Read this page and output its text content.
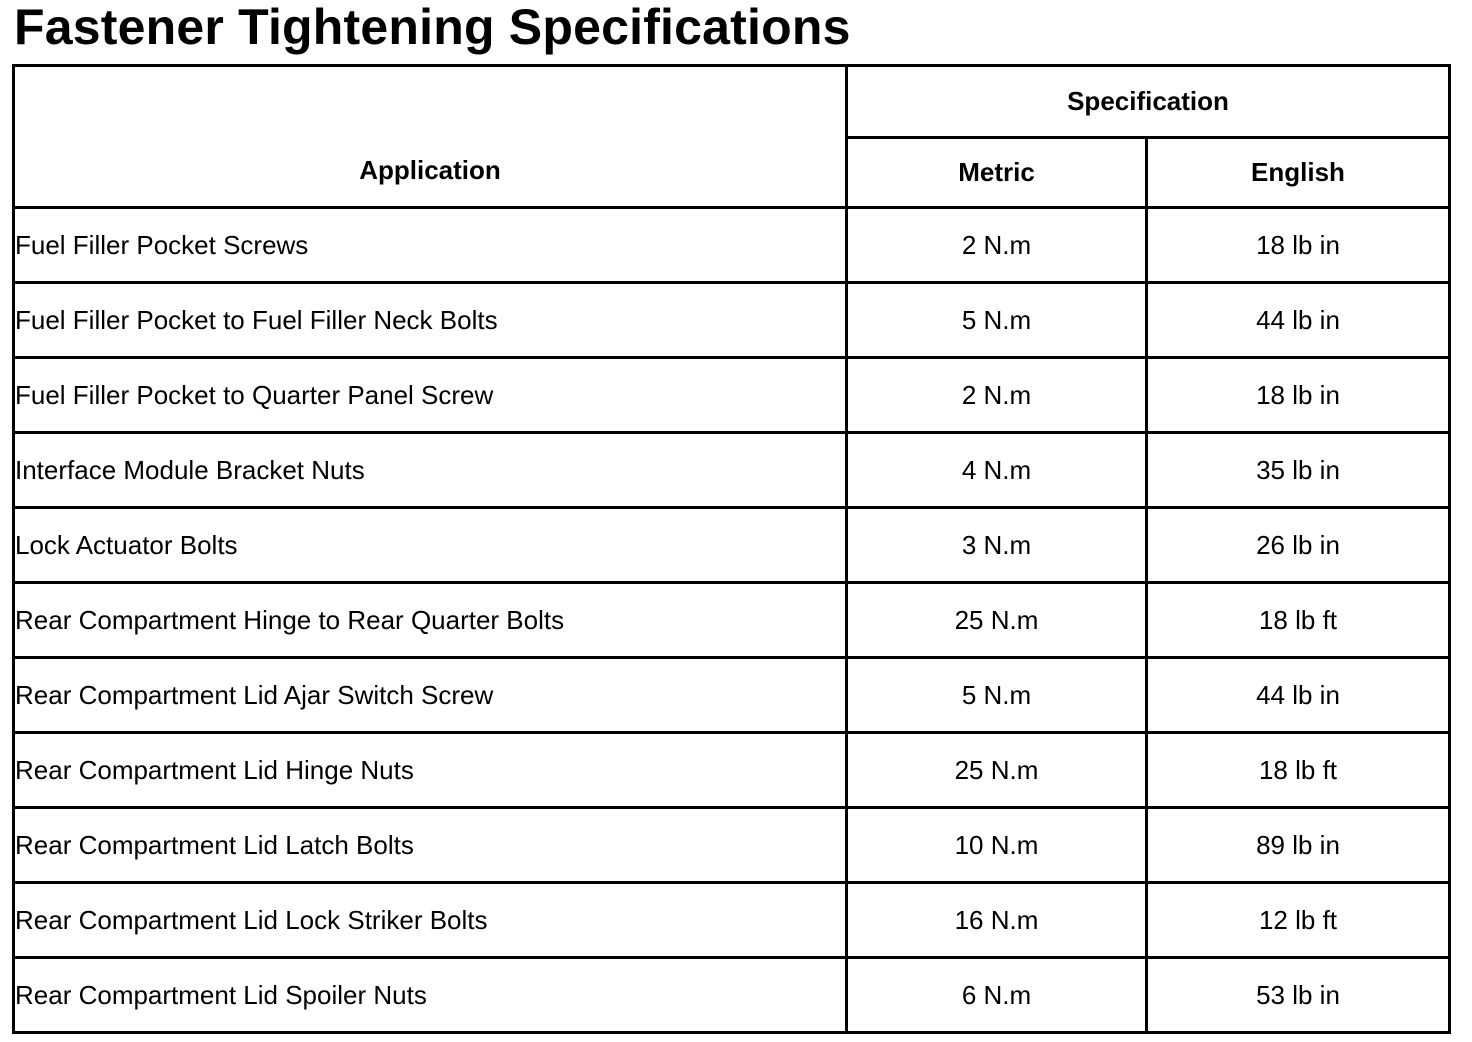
Fastener Tightening Specifications
Application	Specification	
	Metric	English
Fuel Filler Pocket Screws	2 N.m	18 lb in
Fuel Filler Pocket to Fuel Filler Neck Bolts	5 N.m	44 lb in
Fuel Filler Pocket to Quarter Panel Screw	2 N.m	18 lb in
Interface Module Bracket Nuts	4 N.m	35 lb in
Lock Actuator Bolts	3 N.m	26 lb in
Rear Compartment Hinge to Rear Quarter Bolts	25 N.m	18 lb ft
Rear Compartment Lid Ajar Switch Screw	5 N.m	44 lb in
Rear Compartment Lid Hinge Nuts	25 N.m	18 lb ft
Rear Compartment Lid Latch Bolts	10 N.m	89 lb in
Rear Compartment Lid Lock Striker Bolts	16 N.m	12 lb ft
Rear Compartment Lid Spoiler Nuts	6 N.m	53 lb in
